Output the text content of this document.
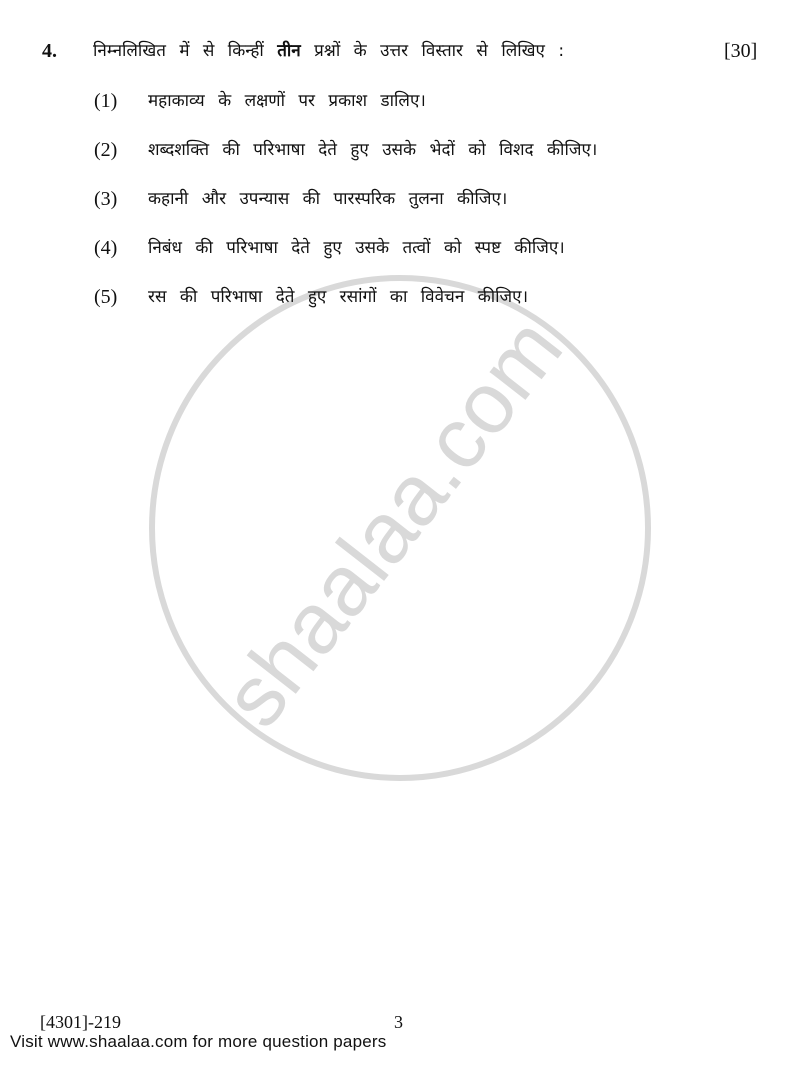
shaalaa.com
4. निम्नलिखित में से किन्हीं तीन प्रश्नों के उत्तर विस्तार से लिखिए :	[30]
(1)	महाकाव्य के लक्षणों पर प्रकाश डालिए।
(2)	शब्दशक्ति की परिभाषा देते हुए उसके भेदों को विशद कीजिए।
(3)	कहानी और उपन्यास की पारस्परिक तुलना कीजिए।
(4)	निबंध की परिभाषा देते हुए उसके तत्वों को स्पष्ट कीजिए।
(5)	रस की परिभाषा देते हुए रसांगों का विवेचन कीजिए।
[4301]-219	3
Visit www.shaalaa.com for more question papers
